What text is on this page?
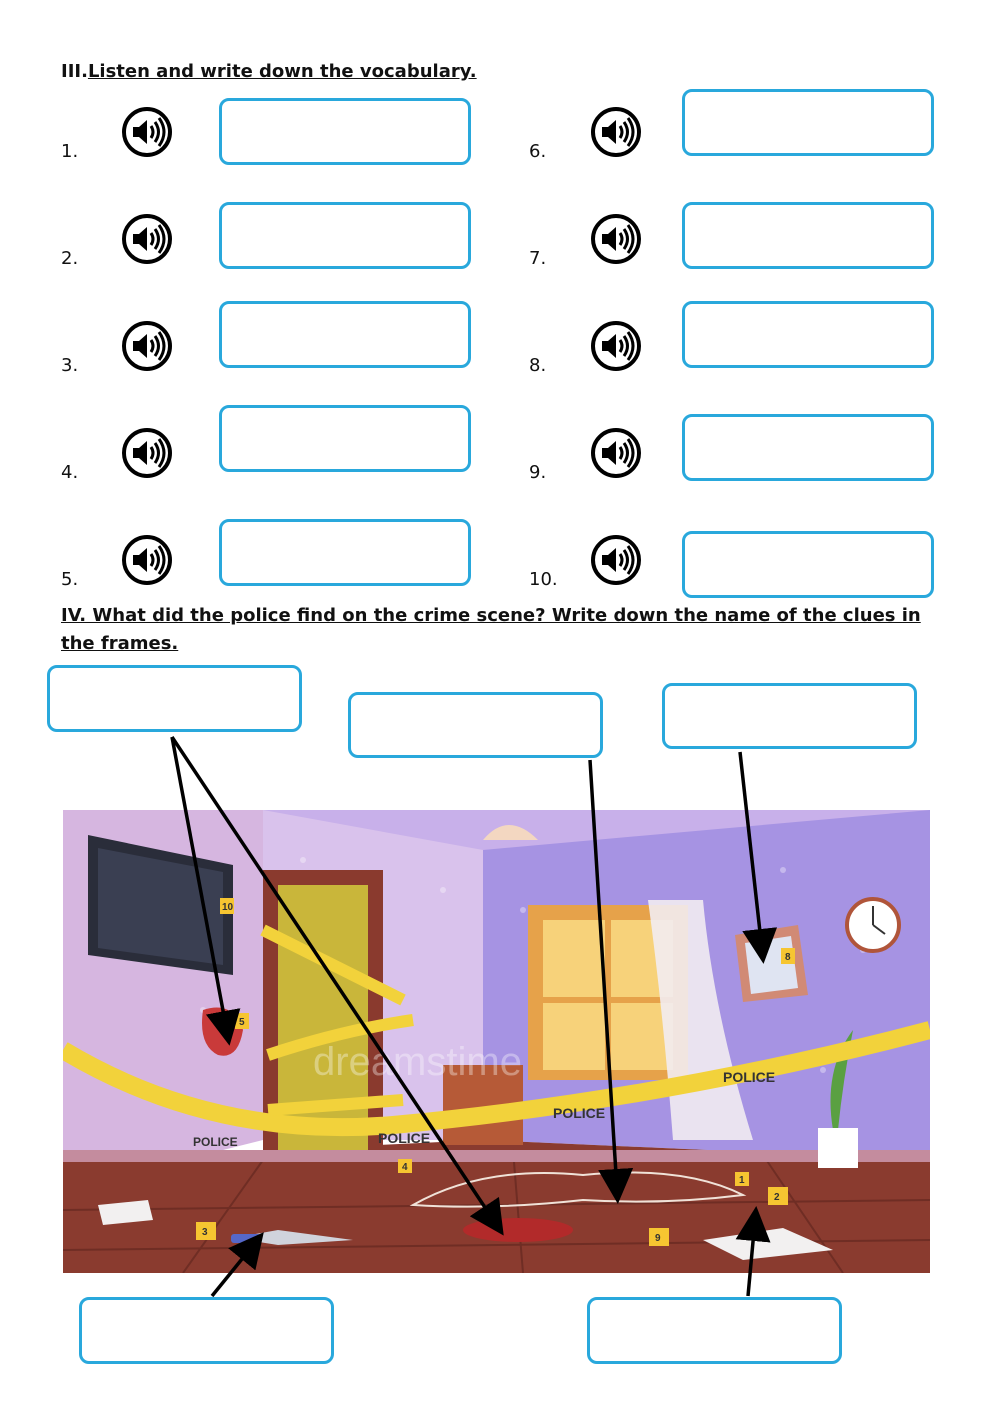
III.Listen and write down the vocabulary.
1.
2.
3.
4.
5.
6.
7.
8.
9.
10.
IV. What did the police find on the crime scene? Write down the name of the clues in the frames.
POLICE
POLICE
POLICE
POLICE
10
5
4
3
1
2
9
8
dreamstime
